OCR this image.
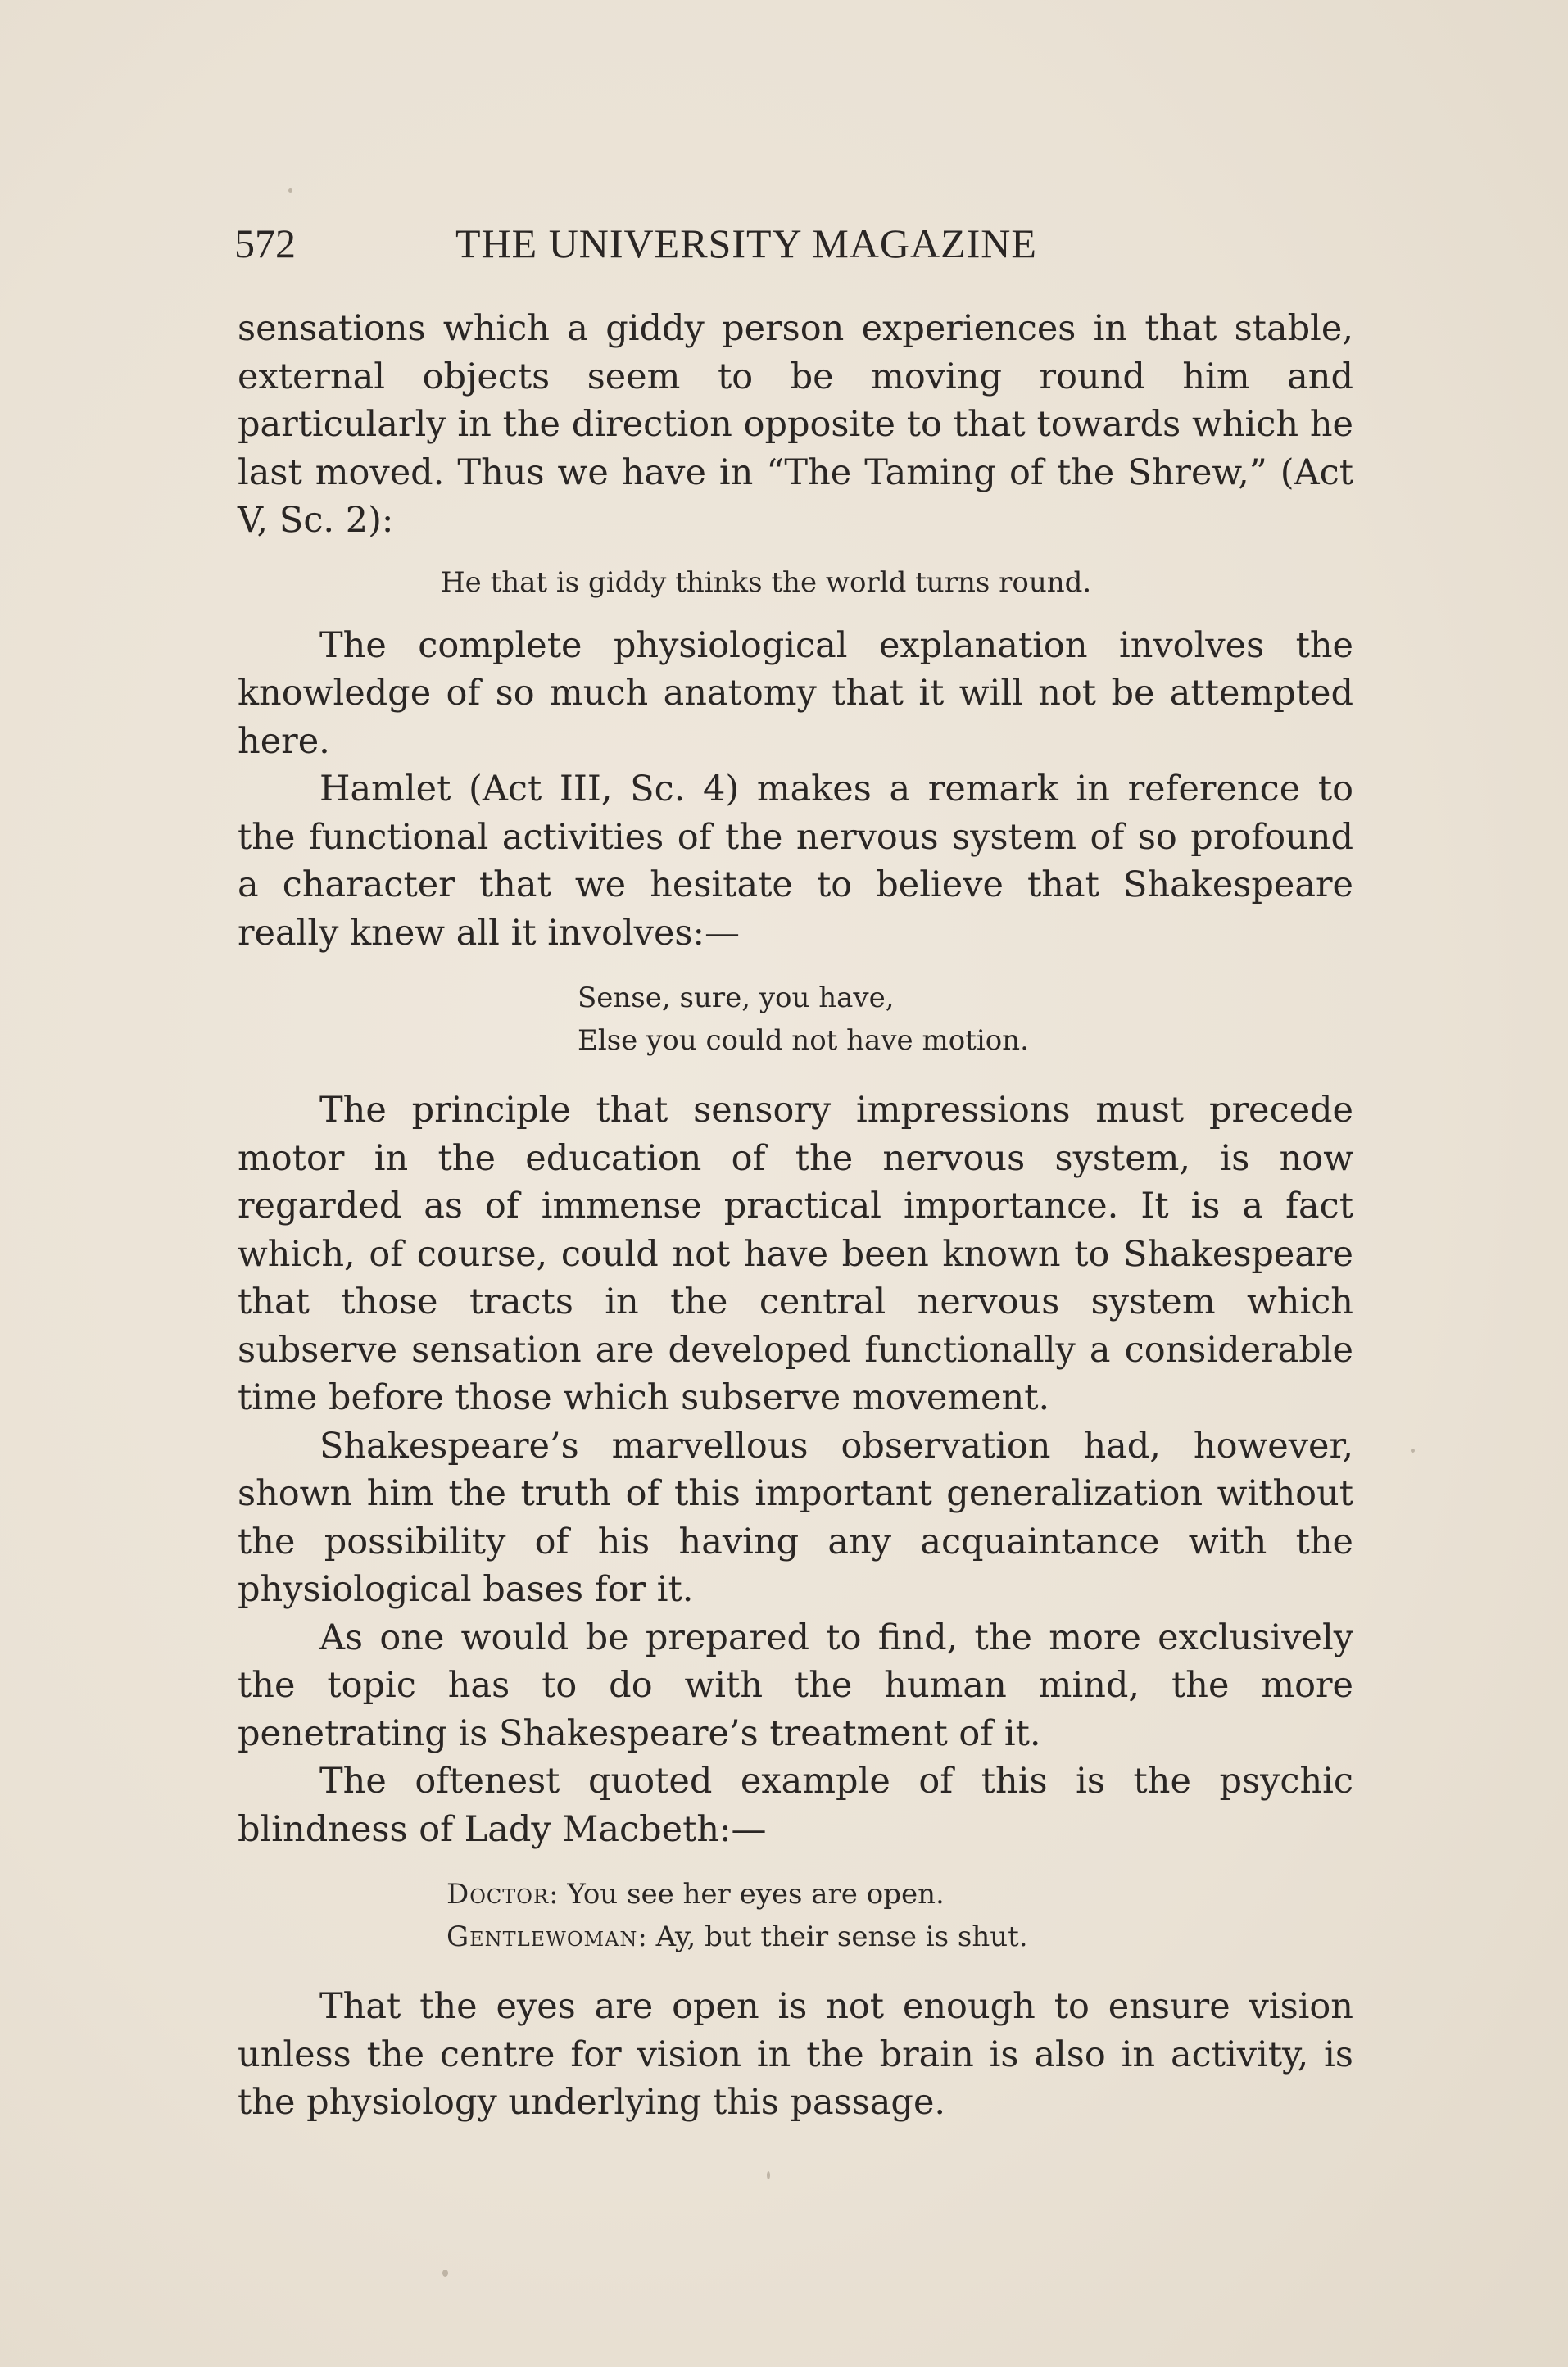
572	THE UNIVERSITY MAGAZINE

sensations which a giddy person experiences in that stable, external objects seem to be moving round him and particularly in the direction opposite to that towards which he last moved. Thus we have in “The Taming of the Shrew,” (Act V, Sc. 2):

He that is giddy thinks the world turns round.

The complete physiological explanation involves the knowledge of so much anatomy that it will not be attempted here.

Hamlet (Act III, Sc. 4) makes a remark in reference to the functional activities of the nervous system of so profound a character that we hesitate to believe that Shakespeare really knew all it involves:—

Sense, sure, you have,
Else you could not have motion.

The principle that sensory impressions must precede motor in the education of the nervous system, is now regarded as of immense practical importance. It is a fact which, of course, could not have been known to Shakespeare that those tracts in the central nervous system which subserve sensation are developed functionally a considerable time before those which subserve movement.

Shakespeare’s marvellous observation had, however, shown him the truth of this important generalization without the possibility of his having any acquaintance with the physiological bases for it.

As one would be prepared to find, the more exclusively the topic has to do with the human mind, the more penetrating is Shakespeare’s treatment of it.

The oftenest quoted example of this is the psychic blindness of Lady Macbeth:—

Doctor: You see her eyes are open.
Gentlewoman: Ay, but their sense is shut.

That the eyes are open is not enough to ensure vision unless the centre for vision in the brain is also in activity, is the physiology underlying this passage.
